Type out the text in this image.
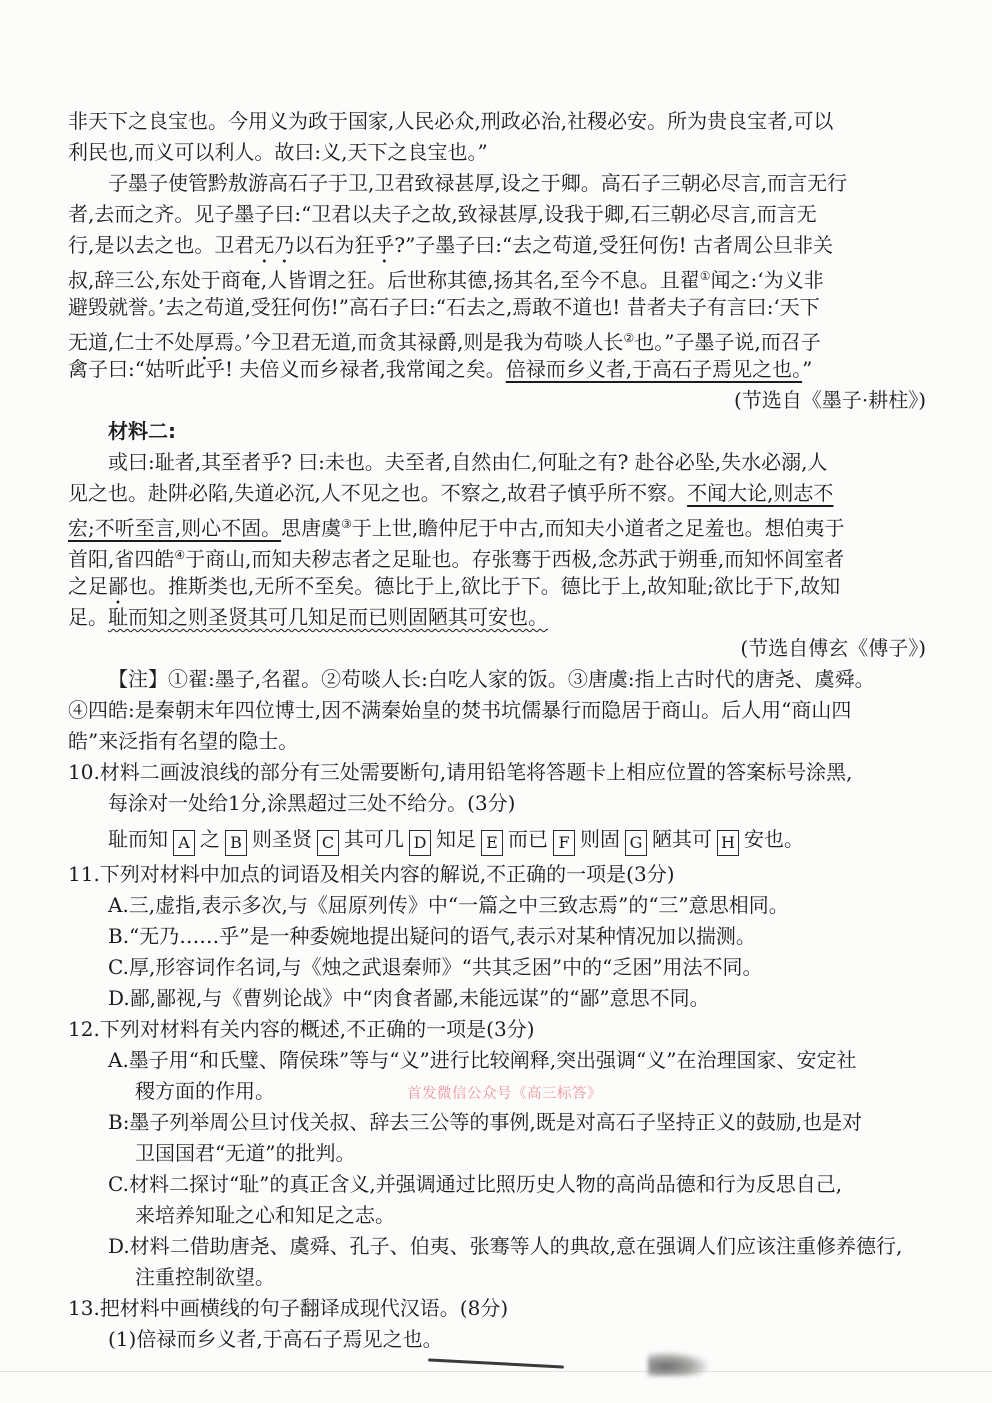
非天下之良宝也。今用义为政于国家,人民必众,刑政必治,社稷必安。所为贵良宝者,可以
利民也,而义可以利人。故曰:义,天下之良宝也。”
子墨子使管黔敖游高石子于卫,卫君致禄甚厚,设之于卿。高石子三朝必尽言,而言无行
者,去而之齐。见子墨子曰:“卫君以夫子之故,致禄甚厚,设我于卿,石三朝必尽言,而言无
行,是以去之也。卫君无乃以石为狂乎?”子墨子曰:“去之苟道,受狂何伤! 古者周公旦非关
叔,辞三公,东处于商奄,人皆谓之狂。后世称其德,扬其名,至今不息。且翟①闻之:‘为义非
避毁就誉。’去之苟道,受狂何伤!”高石子曰:“石去之,焉敢不道也! 昔者夫子有言曰:‘天下
无道,仁士不处厚焉。’今卫君无道,而贪其禄爵,则是我为苟啖人长②也。”子墨子说,而召子
禽子曰:“姑听此乎! 夫倍义而乡禄者,我常闻之矣。倍禄而乡义者,于高石子焉见之也。”
(节选自《墨子·耕柱》)
材料二:
或曰:耻者,其至者乎? 曰:未也。夫至者,自然由仁,何耻之有? 赴谷必坠,失水必溺,人
见之也。赴阱必陷,失道必沉,人不见之也。不察之,故君子慎乎所不察。不闻大论,则志不
宏;不听至言,则心不固。思唐虞③于上世,瞻仲尼于中古,而知夫小道者之足羞也。想伯夷于
首阳,省四皓④于商山,而知夫秽志者之足耻也。存张骞于西极,念苏武于朔垂,而知怀闾室者
之足鄙也。推斯类也,无所不至矣。德比于上,欲比于下。德比于上,故知耻;欲比于下,故知
足。耻而知之则圣贤其可几知足而已则固陋其可安也。
(节选自傅玄《傅子》)
【注】①翟:墨子,名翟。②苟啖人长:白吃人家的饭。③唐虞:指上古时代的唐尧、虞舜。
④四皓:是秦朝末年四位博士,因不满秦始皇的焚书坑儒暴行而隐居于商山。后人用“商山四
皓”来泛指有名望的隐士。
10.材料二画波浪线的部分有三处需要断句,请用铅笔将答题卡上相应位置的答案标号涂黑,
每涂对一处给1分,涂黑超过三处不给分。(3分)
耻而知 A 之 B 则圣贤 C 其可几 D 知足 E 而已 F 则固 G 陋其可 H 安也。
11.下列对材料中加点的词语及相关内容的解说,不正确的一项是(3分)
A.三,虚指,表示多次,与《屈原列传》中“一篇之中三致志焉”的“三”意思相同。
B.“无乃……乎”是一种委婉地提出疑问的语气,表示对某种情况加以揣测。
C.厚,形容词作名词,与《烛之武退秦师》“共其乏困”中的“乏困”用法不同。
D.鄙,鄙视,与《曹刿论战》中“肉食者鄙,未能远谋”的“鄙”意思不同。
12.下列对材料有关内容的概述,不正确的一项是(3分)
A.墨子用“和氏璧、隋侯珠”等与“义”进行比较阐释,突出强调“义”在治理国家、安定社
稷方面的作用。
B:墨子列举周公旦讨伐关叔、辞去三公等的事例,既是对高石子坚持正义的鼓励,也是对
卫国国君“无道”的批判。
C.材料二探讨“耻”的真正含义,并强调通过比照历史人物的高尚品德和行为反思自己,
来培养知耻之心和知足之志。
D.材料二借助唐尧、虞舜、孔子、伯夷、张骞等人的典故,意在强调人们应该注重修养德行,
注重控制欲望。
13.把材料中画横线的句子翻译成现代汉语。(8分)
(1)倍禄而乡义者,于高石子焉见之也。
首发微信公众号《高三标答》
